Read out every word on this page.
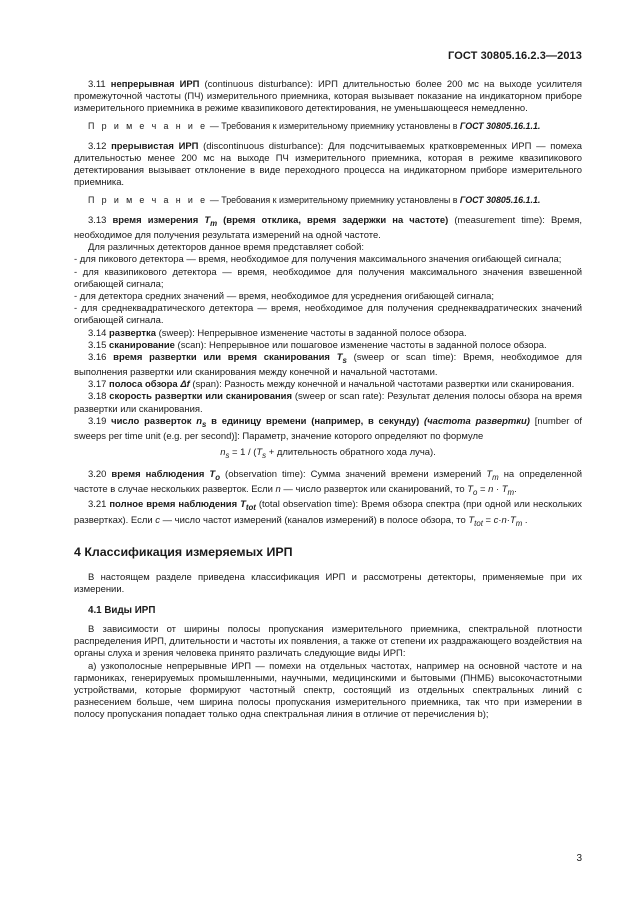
ГОСТ 30805.16.2.3—2013

3.11 непрерывная ИРП (continuous disturbance): ИРП длительностью более 200 мс на выходе усилителя промежуточной частоты (ПЧ) измерительного приемника, которая вызывает показание на индикаторном приборе измерительного приемника в режиме квазипикового детектирования, не уменьшающееся немедленно.

П р и м е ч а н и е — Требования к измерительному приемнику установлены в ГОСТ 30805.16.1.1.

3.12 прерывистая ИРП (discontinuous disturbance): Для подсчитываемых кратковременных ИРП — помеха длительностью менее 200 мс на выходе ПЧ измерительного приемника, которая в режиме квазипикового детектирования вызывает отклонение в виде переходного процесса на индикаторном приборе измерительного приемника.

П р и м е ч а н и е — Требования к измерительному приемнику установлены в ГОСТ 30805.16.1.1.

3.13 время измерения $T_m$ (время отклика, время задержки на частоте) (measurement time): Время, необходимое для получения результата измерений на одной частоте.

Для различных детекторов данное время представляет собой:

- для пикового детектора — время, необходимое для получения максимального значения огибающей сигнала;

- для квазипикового детектора — время, необходимое для получения максимального значения взвешенной огибающей сигнала;

- для детектора средних значений — время, необходимое для усреднения огибающей сигнала;

- для среднеквадратического детектора — время, необходимое для получения среднеквадратических значений огибающей сигнала.

3.14 развертка (sweep): Непрерывное изменение частоты в заданной полосе обзора.

3.15 сканирование (scan): Непрерывное или пошаговое изменение частоты в заданной полосе обзора.

3.16 время развертки или время сканирования $T_s$ (sweep or scan time): Время, необходимое для выполнения развертки или сканирования между конечной и начальной частотами.

3.17 полоса обзора Δf (span): Разность между конечной и начальной частотами развертки или сканирования.

3.18 скорость развертки или сканирования (sweep or scan rate): Результат деления полосы обзора на время развертки или сканирования.

3.19 число разверток $n_s$ в единицу времени (например, в секунду) (частота развертки) [number of sweeps per time unit (e.g. per second)]: Параметр, значение которого определяют по формуле

$n_s = 1 / (T_s$ + длительность обратного хода луча).

3.20 время наблюдения $T_o$ (observation time): Сумма значений времени измерений $T_m$ на определенной частоте в случае нескольких разверток. Если n — число разверток или сканирований, то $T_o = n \cdot T_m$.

3.21 полное время наблюдения $T_{tot}$ (total observation time): Время обзора спектра (при одной или нескольких развертках). Если c — число частот измерений (каналов измерений) в полосе обзора, то $T_{tot} = c\cdot n\cdot T_m$ .

4 Классификация измеряемых ИРП

В настоящем разделе приведена классификация ИРП и рассмотрены детекторы, применяемые при их измерении.

4.1 Виды ИРП

В зависимости от ширины полосы пропускания измерительного приемника, спектральной плотности распределения ИРП, длительности и частоты их появления, а также от степени их раздражающего воздействия на органы слуха и зрения человека принято различать следующие виды ИРП:

а) узкополосные непрерывные ИРП — помехи на отдельных частотах, например на основной частоте и на гармониках, генерируемых промышленными, научными, медицинскими и бытовыми (ПНМБ) высокочастотными устройствами, которые формируют частотный спектр, состоящий из отдельных спектральных линий с разнесением больше, чем ширина полосы пропускания измерительного приемника, так что при измерении в полосу пропускания попадает только одна спектральная линия в отличие от перечисления b);

3
